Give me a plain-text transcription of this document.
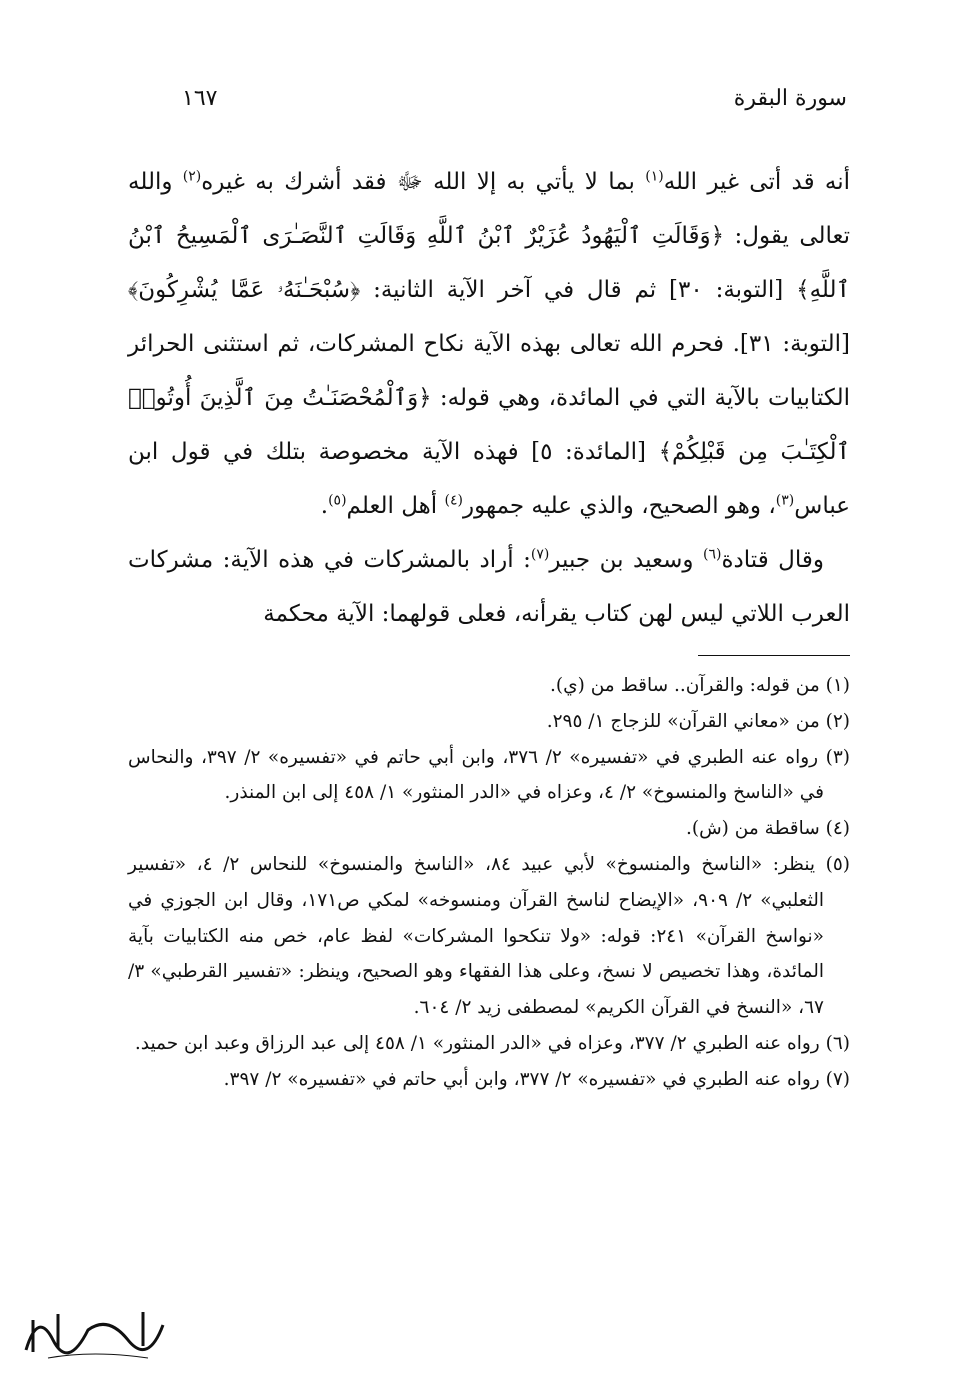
سورة البقرة
١٦٧

أنه قد أتى غير الله$^{(١)}$ بما لا يأتي به إلا الله ﷻ فقد أشرك به غيره$^{(٢)}$ والله تعالى يقول: ﴿وَقَالَتِ ٱلْيَهُودُ عُزَيْرٌ ٱبْنُ ٱللَّهِ وَقَالَتِ ٱلنَّصَـٰرَى ٱلْمَسِيحُ ٱبْنُ ٱللَّهِ﴾ [التوبة: ٣٠] ثم قال في آخر الآية الثانية: ﴿سُبْحَـٰنَهُۥ عَمَّا يُشْرِكُونَ﴾ [التوبة: ٣١]. فحرم الله تعالى بهذه الآية نكاح المشركات، ثم استثنى الحرائر الكتابيات بالآية التي في المائدة، وهي قوله: ﴿وَٱلْمُحْصَنَـٰتُ مِنَ ٱلَّذِينَ أُوتُوا۟ ٱلْكِتَـٰبَ مِن قَبْلِكُمْ﴾ [المائدة: ٥] فهذه الآية مخصوصة بتلك في قول ابن عباس$^{(٣)}$، وهو الصحيح، والذي عليه جمهور$^{(٤)}$ أهل العلم$^{(٥)}$.

وقال قتادة$^{(٦)}$ وسعيد بن جبير$^{(٧)}$: أراد بالمشركات في هذه الآية: مشركات العرب اللاتي ليس لهن كتاب يقرأنه، فعلى قولهما: الآية محكمة

(١) من قوله: والقرآن.. ساقط من (ي).

(٢) من «معاني القرآن» للزجاج ١/ ٢٩٥.

(٣) رواه عنه الطبري في «تفسيره» ٢/ ٣٧٦، وابن أبي حاتم في «تفسيره» ٢/ ٣٩٧، والنحاس في «الناسخ والمنسوخ» ٢/ ٤، وعزاه في «الدر المنثور» ١/ ٤٥٨ إلى ابن المنذر.

(٤) ساقطة من (ش).

(٥) ينظر: «الناسخ والمنسوخ» لأبي عبيد ٨٤، «الناسخ والمنسوخ» للنحاس ٢/ ٤، «تفسير الثعلبي» ٢/ ٩٠٩، «الإيضاح لناسخ القرآن ومنسوخه» لمكي ص١٧١، وقال ابن الجوزي في «نواسخ القرآن» ٢٤١: قوله: «ولا تنكحوا المشركات» لفظ عام، خص منه الكتابيات بآية المائدة، وهذا تخصيص لا نسخ، وعلى هذا الفقهاء وهو الصحيح، وينظر: «تفسير القرطبي» ٣/ ٦٧، «النسخ في القرآن الكريم» لمصطفى زيد ٢/ ٦٠٤.

(٦) رواه عنه الطبري ٢/ ٣٧٧، وعزاه في «الدر المنثور» ١/ ٤٥٨ إلى عبد الرزاق وعبد ابن حميد.

(٧) رواه عنه الطبري في «تفسيره» ٢/ ٣٧٧، وابن أبي حاتم في «تفسيره» ٢/ ٣٩٧.
